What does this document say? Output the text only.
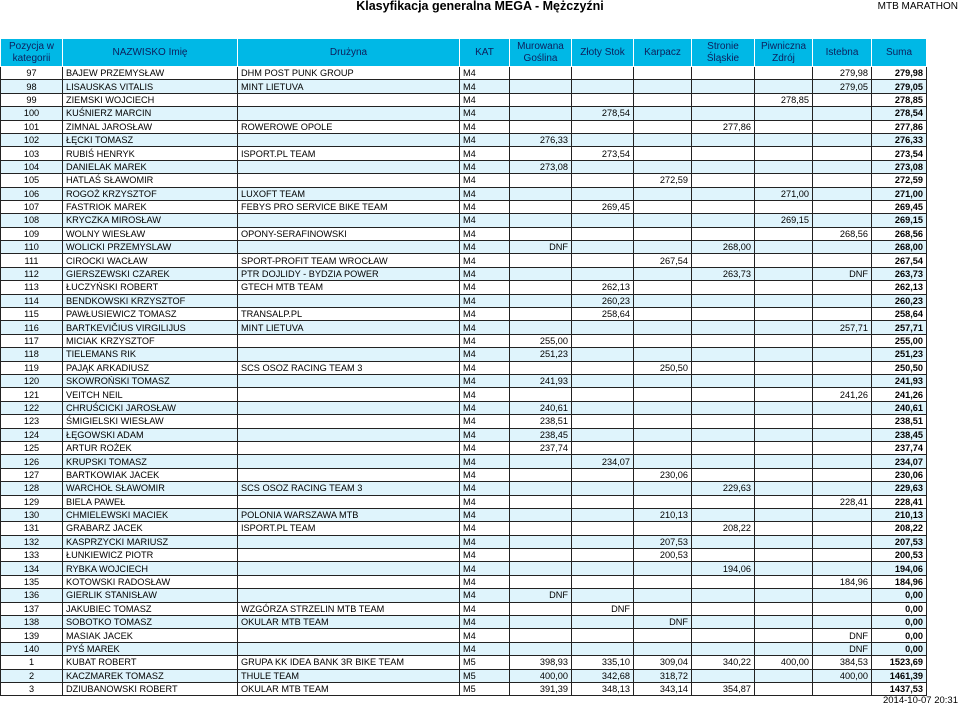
Klasyfikacja generalna MEGA - Mężczyźni	MTB MARATHON
Pozycja w kategorii	NAZWISKO Imię	Drużyna	KAT	Murowana Goślina	Złoty Stok	Karpacz	Stronie Śląskie	Piwniczna Zdrój	Istebna	Suma
97	BAJEW PRZEMYSŁAW	DHM POST PUNK GROUP	M4						279,98	279,98
98	LISAUSKAS VITALIS	MINT LIETUVA	M4						279,05	279,05
99	ZIEMSKI WOJCIECH		M4					278,85		278,85
100	KUŚNIERZ MARCIN		M4		278,54					278,54
101	ZIMNAL JAROSŁAW	ROWEROWE OPOLE	M4				277,86			277,86
102	ŁĘCKI TOMASZ		M4	276,33						276,33
103	RUBIŚ HENRYK	ISPORT.PL TEAM	M4		273,54					273,54
104	DANIELAK MAREK		M4	273,08						273,08
105	HATLAŚ SŁAWOMIR		M4			272,59				272,59
106	ROGOŻ KRZYSZTOF	LUXOFT TEAM	M4					271,00		271,00
107	FASTRIOK MAREK	FEBYS PRO SERVICE BIKE TEAM	M4		269,45					269,45
108	KRYCZKA MIROSŁAW		M4					269,15		269,15
109	WOLNY WIESŁAW	OPONY-SERAFINOWSKI	M4						268,56	268,56
110	WOLICKI PRZEMYSLAW		M4	DNF			268,00			268,00
111	CIROCKI WACŁAW	SPORT-PROFIT TEAM WROCŁAW	M4			267,54				267,54
112	GIERSZEWSKI CZAREK	PTR DOJLIDY - BYDZIA POWER	M4				263,73		DNF	263,73
113	ŁUCZYŃSKI ROBERT	GTECH MTB TEAM	M4		262,13					262,13
114	BENDKOWSKI KRZYSZTOF		M4		260,23					260,23
115	PAWŁUSIEWICZ TOMASZ	TRANSALP.PL	M4		258,64					258,64
116	BARTKEVIČIUS VIRGILIJUS	MINT LIETUVA	M4						257,71	257,71
117	MICIAK KRZYSZTOF		M4	255,00						255,00
118	TIELEMANS RIK		M4	251,23						251,23
119	PAJĄK ARKADIUSZ	SCS OSOZ RACING TEAM 3	M4			250,50				250,50
120	SKOWROŃSKI TOMASZ		M4	241,93						241,93
121	VEITCH NEIL		M4						241,26	241,26
122	CHRUŚCICKI JAROSŁAW		M4	240,61						240,61
123	ŚMIGIELSKI WIESŁAW		M4	238,51						238,51
124	ŁĘGOWSKI ADAM		M4	238,45						238,45
125	ARTUR ROŻEK		M4	237,74						237,74
126	KRUPSKI TOMASZ		M4		234,07					234,07
127	BARTKOWIAK JACEK		M4			230,06				230,06
128	WARCHOŁ SŁAWOMIR	SCS OSOZ RACING TEAM 3	M4				229,63			229,63
129	BIELA PAWEŁ		M4						228,41	228,41
130	CHMIELEWSKI MACIEK	POLONIA WARSZAWA MTB	M4			210,13				210,13
131	GRABARZ JACEK	ISPORT.PL TEAM	M4				208,22			208,22
132	KASPRZYCKI MARIUSZ		M4			207,53				207,53
133	ŁUNKIEWICZ PIOTR		M4			200,53				200,53
134	RYBKA WOJCIECH		M4				194,06			194,06
135	KOTOWSKI RADOSŁAW		M4						184,96	184,96
136	GIERLIK STANISŁAW		M4	DNF						0,00
137	JAKUBIEC TOMASZ	WZGÓRZA STRZELIN MTB TEAM	M4		DNF					0,00
138	SOBOTKO TOMASZ	OKULAR MTB TEAM	M4			DNF				0,00
139	MASIAK JACEK		M4						DNF	0,00
140	PYŚ MAREK		M4						DNF	0,00
1	KUBAT ROBERT	GRUPA KK IDEA BANK 3R BIKE TEAM	M5	398,93	335,10	309,04	340,22	400,00	384,53	1523,69
2	KACZMAREK TOMASZ	THULE TEAM	M5	400,00	342,68	318,72			400,00	1461,39
3	DZIUBANOWSKI ROBERT	OKULAR MTB TEAM	M5	391,39	348,13	343,14	354,87			1437,53
2014-10-07 20:31
